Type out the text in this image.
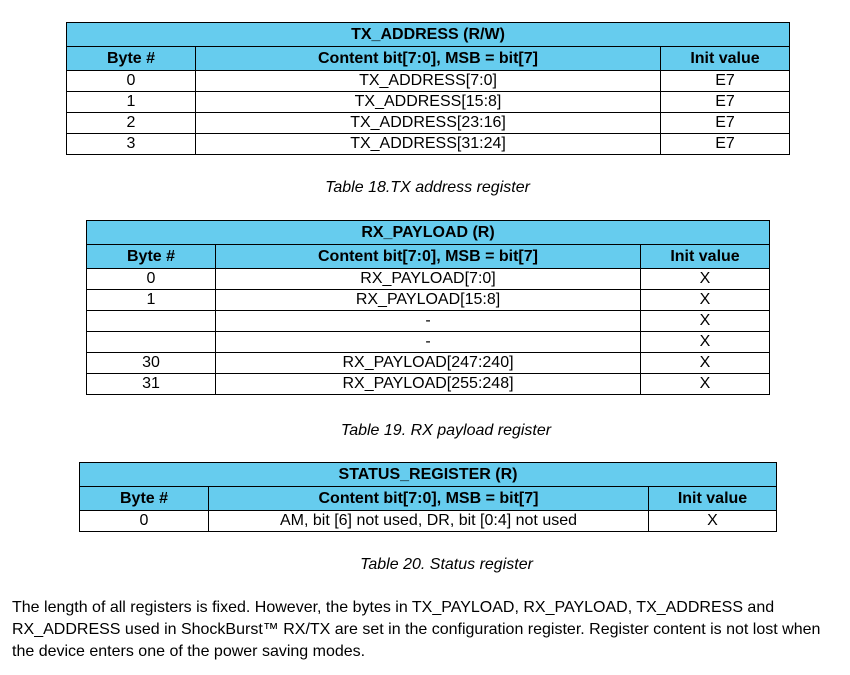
TX_ADDRESS (R/W)		
Byte #	Content bit[7:0], MSB = bit[7]	Init value
0	TX_ADDRESS[7:0]	E7
1	TX_ADDRESS[15:8]	E7
2	TX_ADDRESS[23:16]	E7
3	TX_ADDRESS[31:24]	E7
Table 18.TX address register
RX_PAYLOAD (R)		
Byte #	Content bit[7:0], MSB = bit[7]	Init value
0	RX_PAYLOAD[7:0]	X
1	RX_PAYLOAD[15:8]	X
	-	X
	-	X
30	RX_PAYLOAD[247:240]	X
31	RX_PAYLOAD[255:248]	X
Table 19. RX payload register
STATUS_REGISTER (R)		
Byte #	Content bit[7:0], MSB = bit[7]	Init value
0	AM, bit [6] not used, DR, bit [0:4] not used	X
Table 20. Status register

The length of all registers is fixed. However, the bytes in TX_PAYLOAD, RX_PAYLOAD, TX_ADDRESS and RX_ADDRESS used in ShockBurst™ RX/TX are set in the configuration register. Register content is not lost when the device enters one of the power saving modes.
